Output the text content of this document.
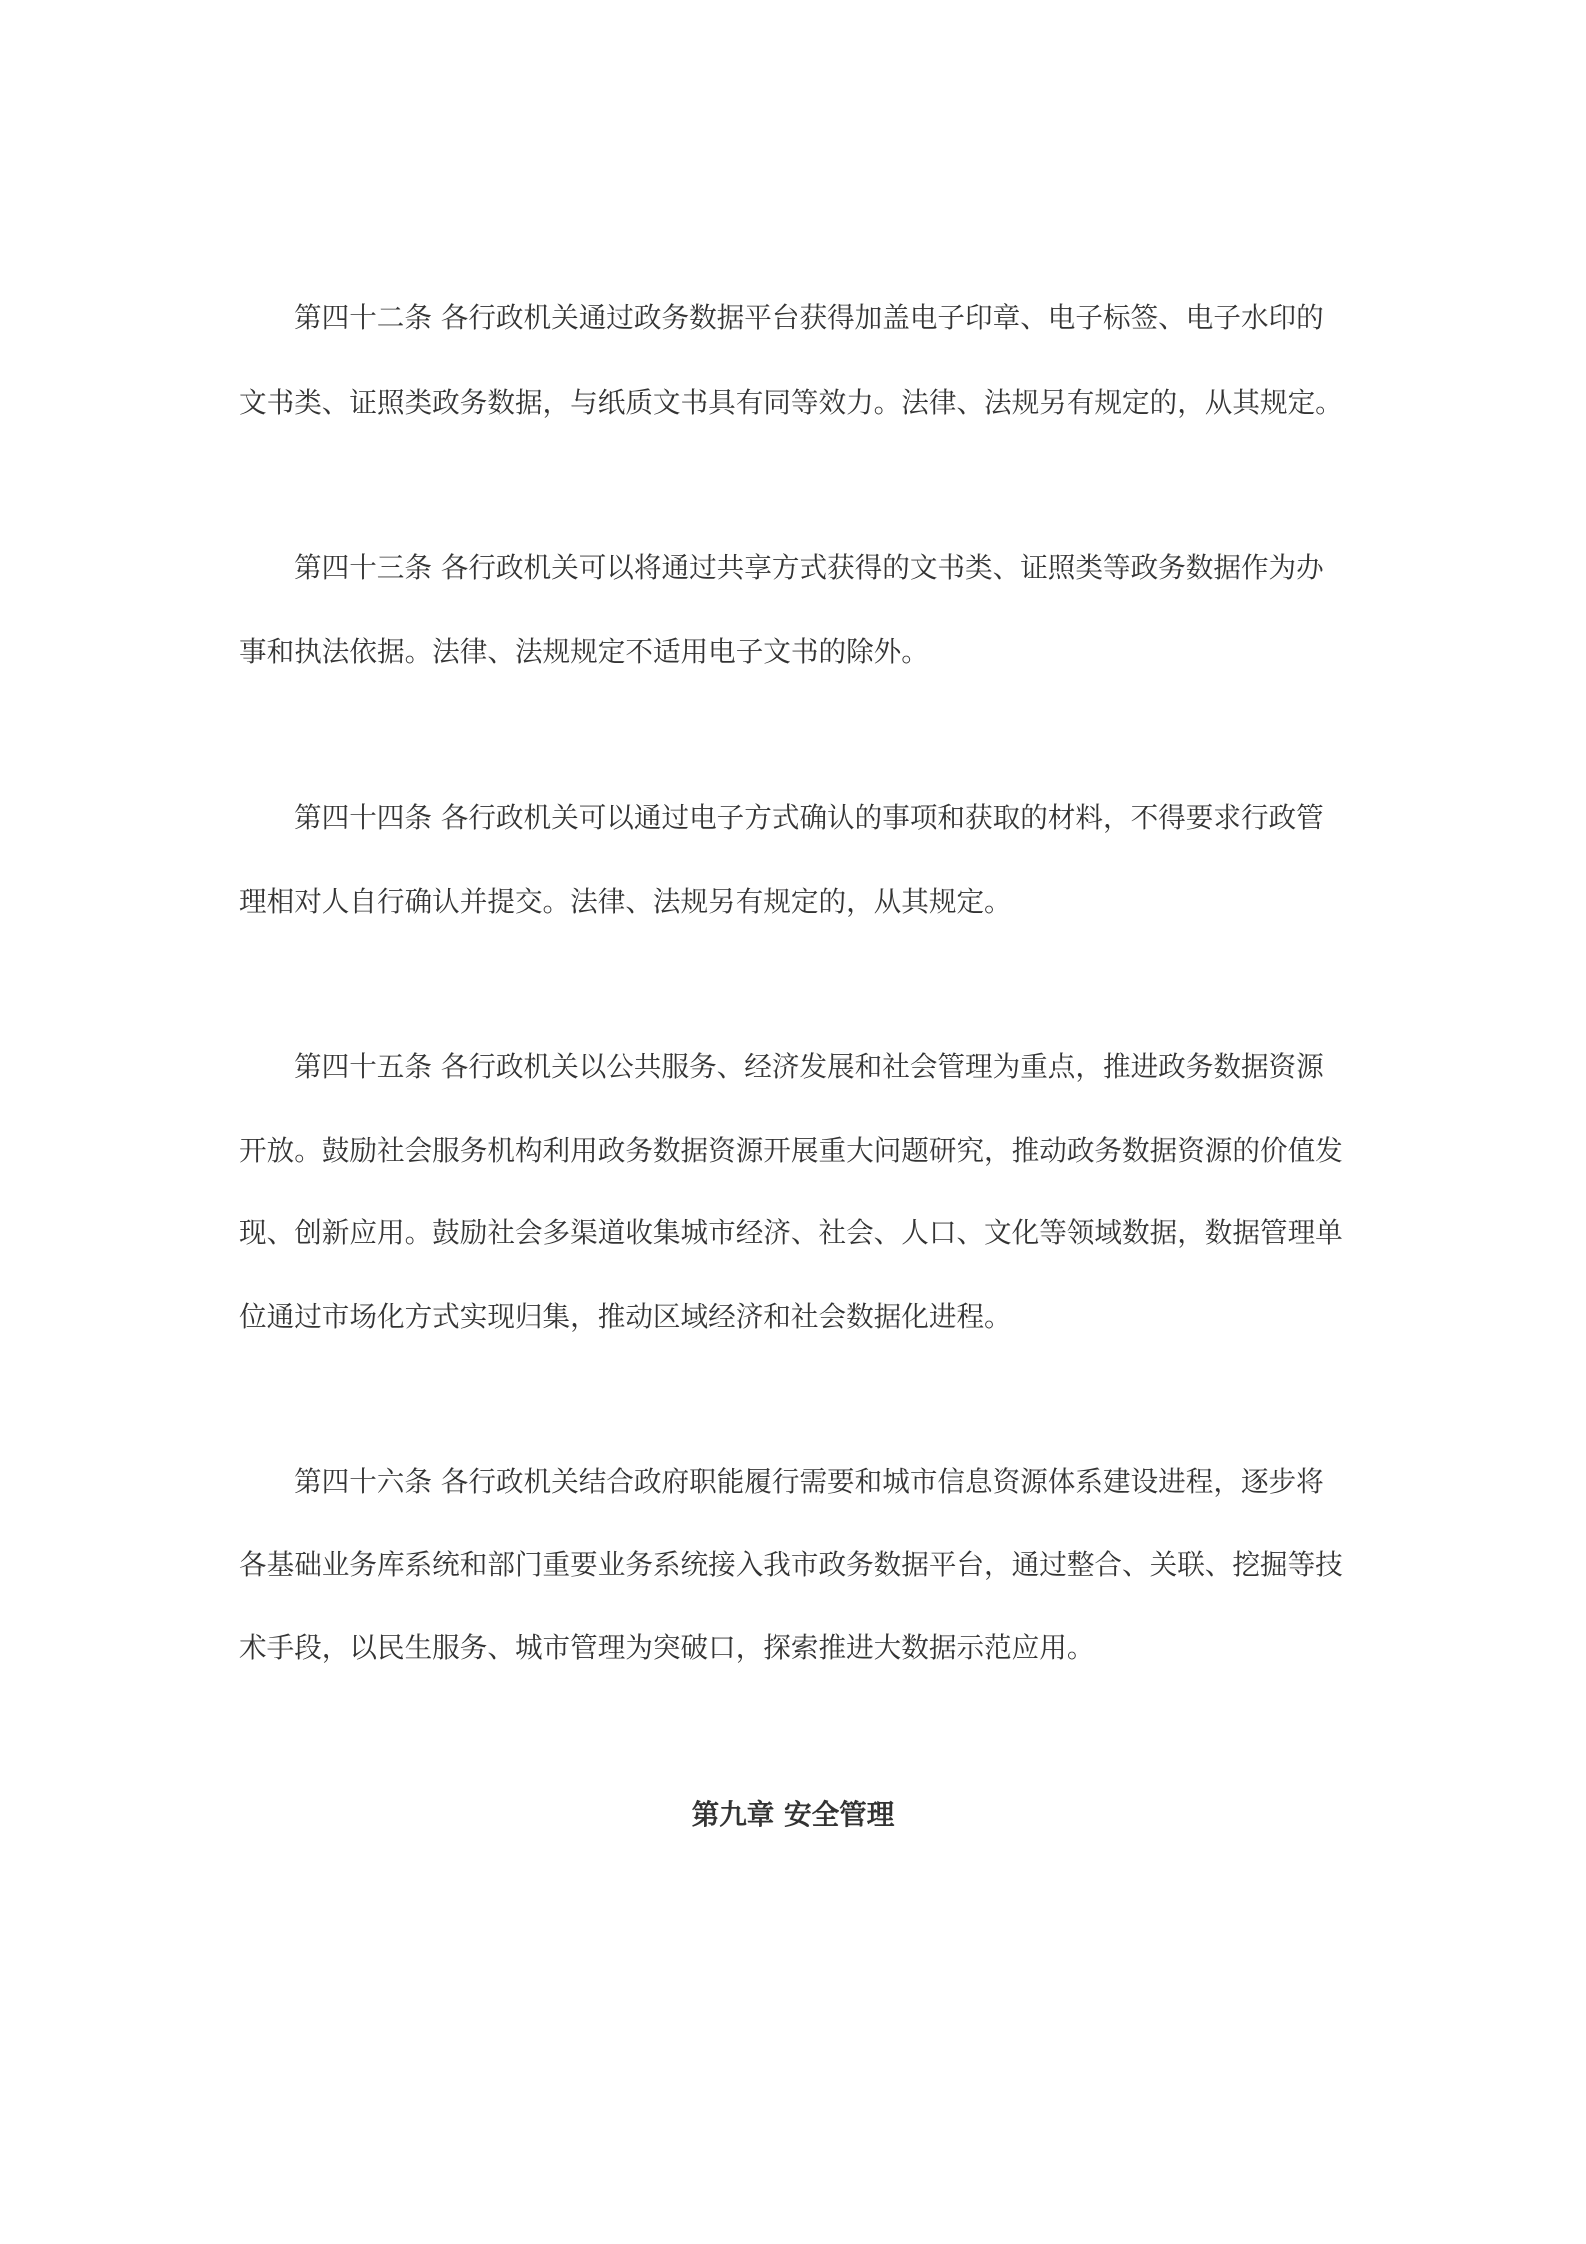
第四十二条 各行政机关通过政务数据平台获得加盖电子印章、电子标签、电子水印的
文书类、证照类政务数据，与纸质文书具有同等效力。法律、法规另有规定的，从其规定。
第四十三条 各行政机关可以将通过共享方式获得的文书类、证照类等政务数据作为办
事和执法依据。法律、法规规定不适用电子文书的除外。
第四十四条 各行政机关可以通过电子方式确认的事项和获取的材料，不得要求行政管
理相对人自行确认并提交。法律、法规另有规定的，从其规定。
第四十五条 各行政机关以公共服务、经济发展和社会管理为重点，推进政务数据资源
开放。鼓励社会服务机构利用政务数据资源开展重大问题研究，推动政务数据资源的价值发
现、创新应用。鼓励社会多渠道收集城市经济、社会、人口、文化等领域数据，数据管理单
位通过市场化方式实现归集，推动区域经济和社会数据化进程。
第四十六条 各行政机关结合政府职能履行需要和城市信息资源体系建设进程，逐步将
各基础业务库系统和部门重要业务系统接入我市政务数据平台，通过整合、关联、挖掘等技
术手段，以民生服务、城市管理为突破口，探索推进大数据示范应用。
第九章 安全管理
